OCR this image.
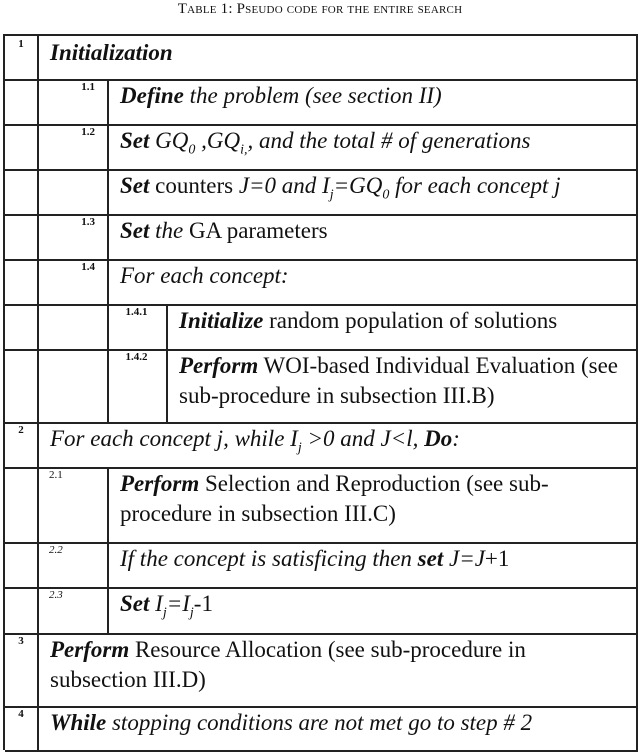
Table 1: Pseudo code for the entire search
1	Initialization
1.1	Define the problem (see section II)
1.2	Set $GQ_0$ $,GQ_{i,}$, and the total # of generations
Set counters J=0 and $I_j=GQ_0$ for each concept j
1.3	Set the GA parameters
1.4	For each concept:
1.4.1	Initialize random population of solutions
1.4.2	Perform WOI-based Individual Evaluation (see sub-procedure in subsection III.B)
2	For each concept j, while $I_j >0$ and J<l, Do:
2.1	Perform Selection and Reproduction (see sub-procedure in subsection III.C)
2.2	If the concept is satisficing then set J=J+1
2.3	Set $I_j=I_j-1$
3	Perform Resource Allocation (see sub-procedure in subsection III.D)
4	While stopping conditions are not met go to step # 2
